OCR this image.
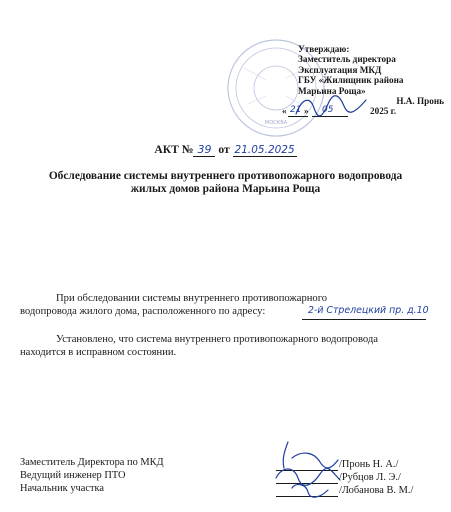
МОСКВА
Утверждаю:
Заместитель директора
Эксплуатация МКД
ГБУ «Жилищник района
Марьина Роща»
Н.А. Пронь
« 21 » 05	2025 г.
АКТ № 39 от 21.05.2025
Обследование системы внутреннего противопожарного водопровода
жилых домов района Марьина Роща
При обследовании системы внутреннего противопожарного
водопровода жилого дома, расположенного по адресу:	2-й Стрелецкий пр. д.10
Установлено, что система внутреннего противопожарного водопровода
находится в исправном состоянии.
Заместитель Директора по МКД
Ведущий инженер ПТО
Начальник участка
/Пронь Н. А./
/Рубцов Л. Э./
/Лобанова В. М./
